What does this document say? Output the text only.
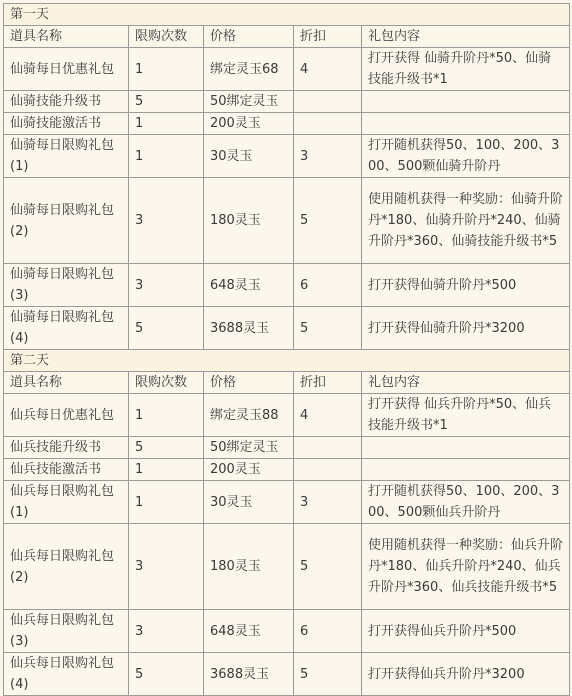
第一天				
道具名称	限购次数	价格	折扣	礼包内容
仙骑每日优惠礼包	1	绑定灵玉68	4	打开获得 仙骑升阶丹*50、仙骑技能升级书*1
仙骑技能升级书	5	50绑定灵玉		
仙骑技能激活书	1	200灵玉		
仙骑每日限购礼包(1)	1	30灵玉	3	打开随机获得50、100、200、300、500颗仙骑升阶丹
仙骑每日限购礼包(2)	3	180灵玉	5	使用随机获得一种奖励：仙骑升阶丹*180、仙骑升阶丹*240、仙骑升阶丹*360、仙骑技能升级书*5
仙骑每日限购礼包(3)	3	648灵玉	6	打开获得仙骑升阶丹*500
仙骑每日限购礼包(4)	5	3688灵玉	5	打开获得仙骑升阶丹*3200
第二天				
道具名称	限购次数	价格	折扣	礼包内容
仙兵每日优惠礼包	1	绑定灵玉88	4	打开获得 仙兵升阶丹*50、仙兵技能升级书*1
仙兵技能升级书	5	50绑定灵玉		
仙兵技能激活书	1	200灵玉		
仙兵每日限购礼包(1)	1	30灵玉	3	打开随机获得50、100、200、300、500颗仙兵升阶丹
仙兵每日限购礼包(2)	3	180灵玉	5	使用随机获得一种奖励：仙兵升阶丹*180、仙兵升阶丹*240、仙兵升阶丹*360、仙兵技能升级书*5
仙兵每日限购礼包(3)	3	648灵玉	6	打开获得仙兵升阶丹*500
仙兵每日限购礼包(4)	5	3688灵玉	5	打开获得仙兵升阶丹*3200
